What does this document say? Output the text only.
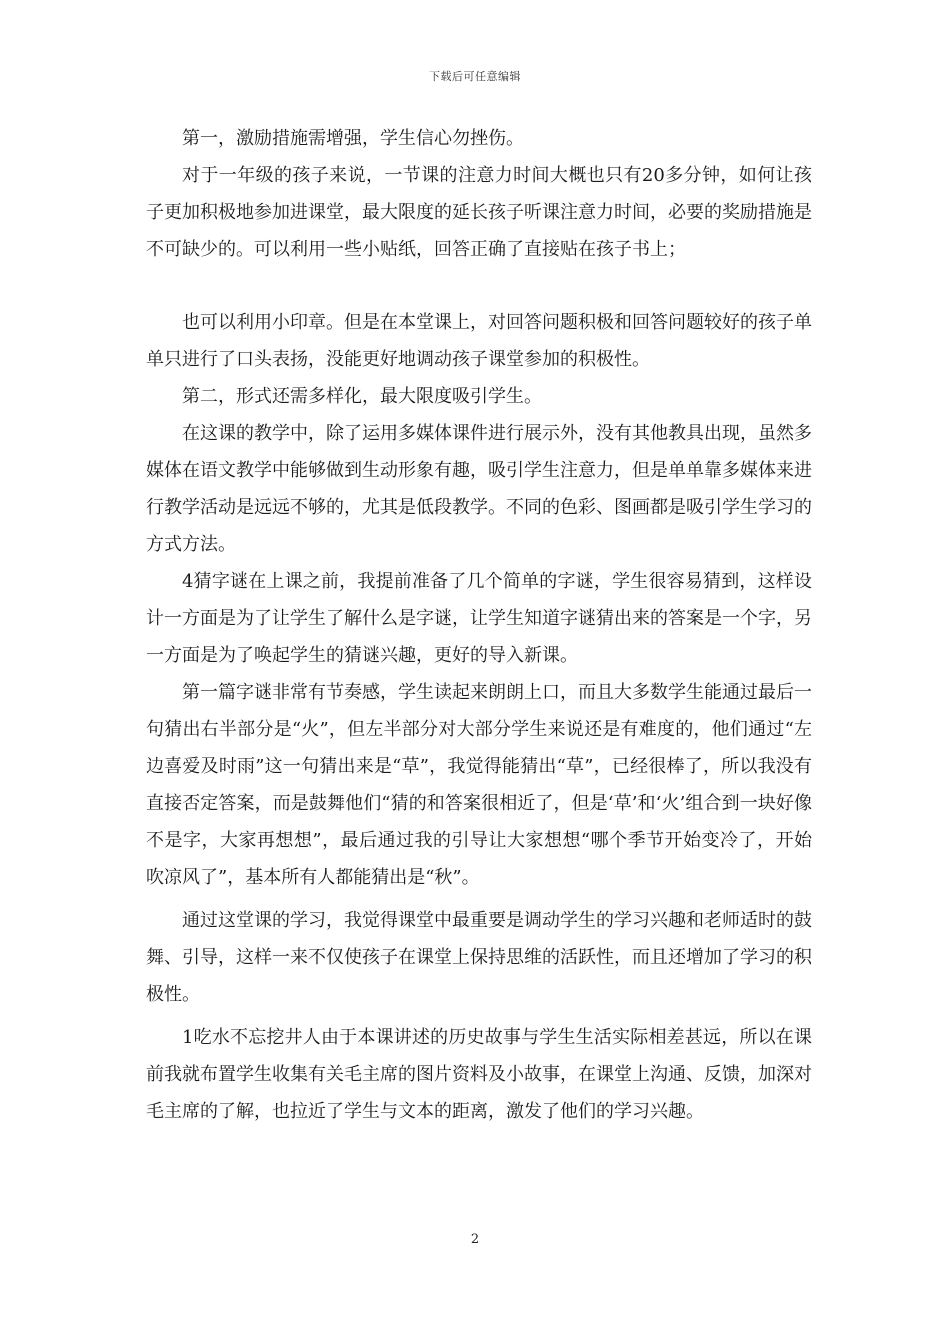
下载后可任意编辑

第一，激励措施需增强，学生信心勿挫伤。

对于一年级的孩子来说，一节课的注意力时间大概也只有20多分钟，如何让孩子更加积极地参加进课堂，最大限度的延长孩子听课注意力时间，必要的奖励措施是不可缺少的。可以利用一些小贴纸，回答正确了直接贴在孩子书上；

也可以利用小印章。但是在本堂课上，对回答问题积极和回答问题较好的孩子单单只进行了口头表扬，没能更好地调动孩子课堂参加的积极性。

第二，形式还需多样化，最大限度吸引学生。

在这课的教学中，除了运用多媒体课件进行展示外，没有其他教具出现，虽然多媒体在语文教学中能够做到生动形象有趣，吸引学生注意力，但是单单靠多媒体来进行教学活动是远远不够的，尤其是低段教学。不同的色彩、图画都是吸引学生学习的方式方法。

4猜字谜在上课之前，我提前准备了几个简单的字谜，学生很容易猜到，这样设计一方面是为了让学生了解什么是字谜，让学生知道字谜猜出来的答案是一个字，另一方面是为了唤起学生的猜谜兴趣，更好的导入新课。

第一篇字谜非常有节奏感，学生读起来朗朗上口，而且大多数学生能通过最后一句猜出右半部分是“火”，但左半部分对大部分学生来说还是有难度的，他们通过“左边喜爱及时雨”这一句猜出来是“草”，我觉得能猜出“草”，已经很棒了，所以我没有直接否定答案，而是鼓舞他们“猜的和答案很相近了，但是‘草’和‘火’组合到一块好像不是字，大家再想想”，最后通过我的引导让大家想想“哪个季节开始变冷了，开始吹凉风了”，基本所有人都能猜出是“秋”。

通过这堂课的学习，我觉得课堂中最重要是调动学生的学习兴趣和老师适时的鼓舞、引导，这样一来不仅使孩子在课堂上保持思维的活跃性，而且还增加了学习的积极性。

1吃水不忘挖井人由于本课讲述的历史故事与学生生活实际相差甚远，所以在课前我就布置学生收集有关毛主席的图片资料及小故事，在课堂上沟通、反馈，加深对毛主席的了解，也拉近了学生与文本的距离，激发了他们的学习兴趣。

2
